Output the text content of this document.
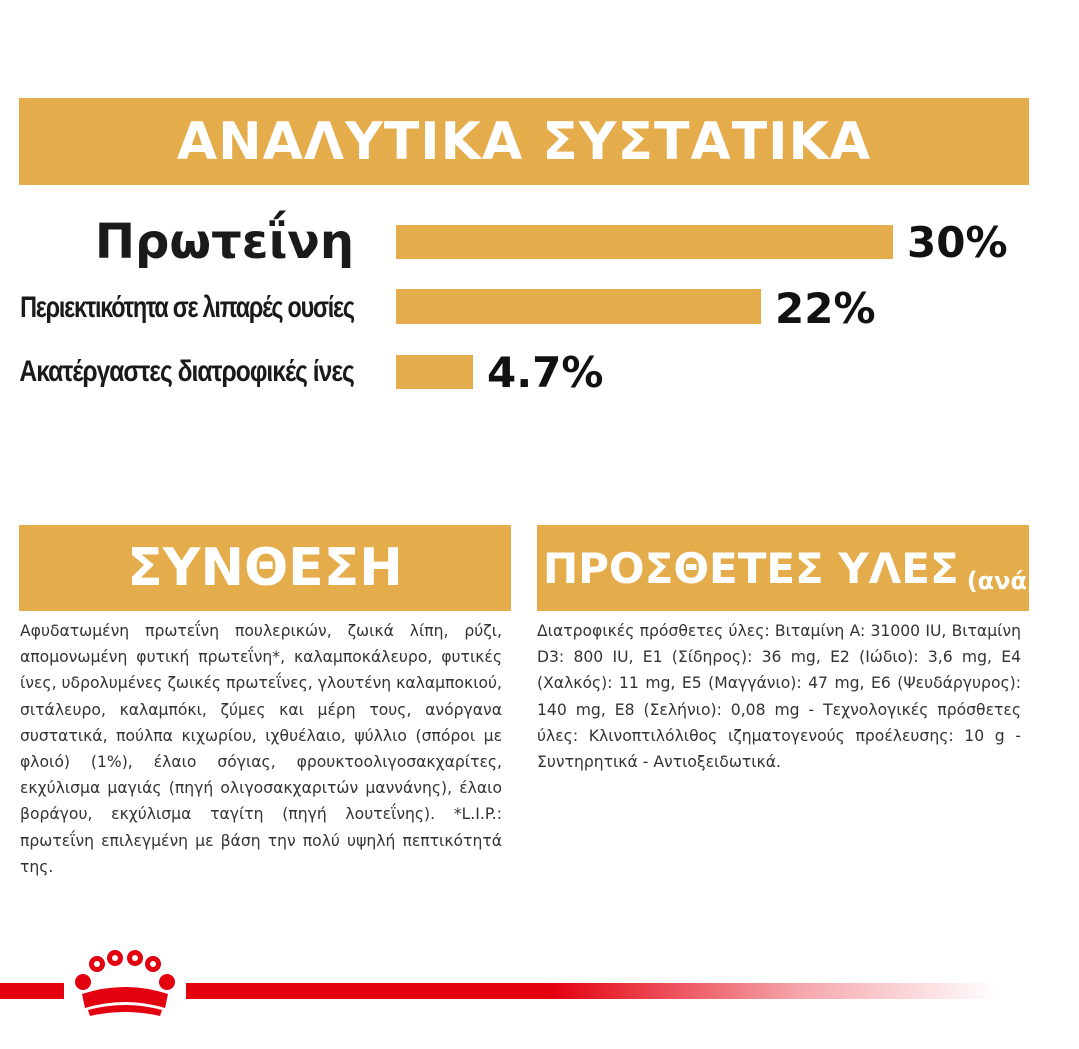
ΑΝΑΛΥΤΙΚΑ ΣΥΣΤΑΤΙΚΑ
Πρωτεΐνη	30%
Περιεκτικότητα σε λιπαρές ουσίες	22%
Ακατέργαστες διατροφικές ίνες	4.7%
ΣΥΝΘΕΣΗ	ΠΡΟΣΘΕΤΕΣ ΥΛΕΣ (ανά kg)

Αφυδατωμένη πρωτεΐνη πουλερικών, ζωικά λίπη, ρύζι, απομονωμένη φυτική πρωτεΐνη*, καλαμποκάλευρο, φυτικές ίνες, υδρολυμένες ζωικές πρωτεΐνες, γλουτένη καλαμποκιού, σιτάλευρο, καλαμπόκι, ζύμες και μέρη τους, ανόργανα συστατικά, πούλπα κιχωρίου, ιχθυέλαιο, ψύλλιο (σπόροι με φλοιό) (1%), έλαιο σόγιας, φρουκτοολιγοσακχαρίτες, εκχύλισμα μαγιάς (πηγή ολιγοσακχαριτών μαννάνης), έλαιο βοράγου, εκχύλισμα ταγίτη (πηγή λουτεΐνης). *L.I.P.: πρωτεΐνη επιλεγμένη με βάση την πολύ υψηλή πεπτικότητά της.

Διατροφικές πρόσθετες ύλες: Βιταμίνη A: 31000 IU, Βιταμίνη D3: 800 IU, E1 (Σίδηρος): 36 mg, E2 (Ιώδιο): 3,6 mg, E4 (Χαλκός): 11 mg, E5 (Μαγγάνιο): 47 mg, E6 (Ψευδάργυρος): 140 mg, E8 (Σελήνιο): 0,08 mg - Τεχνολογικές πρόσθετες ύλες: Κλινοπτιλόλιθος ιζηματογενούς προέλευσης: 10 g - Συντηρητικά - Αντιοξειδωτικά.
